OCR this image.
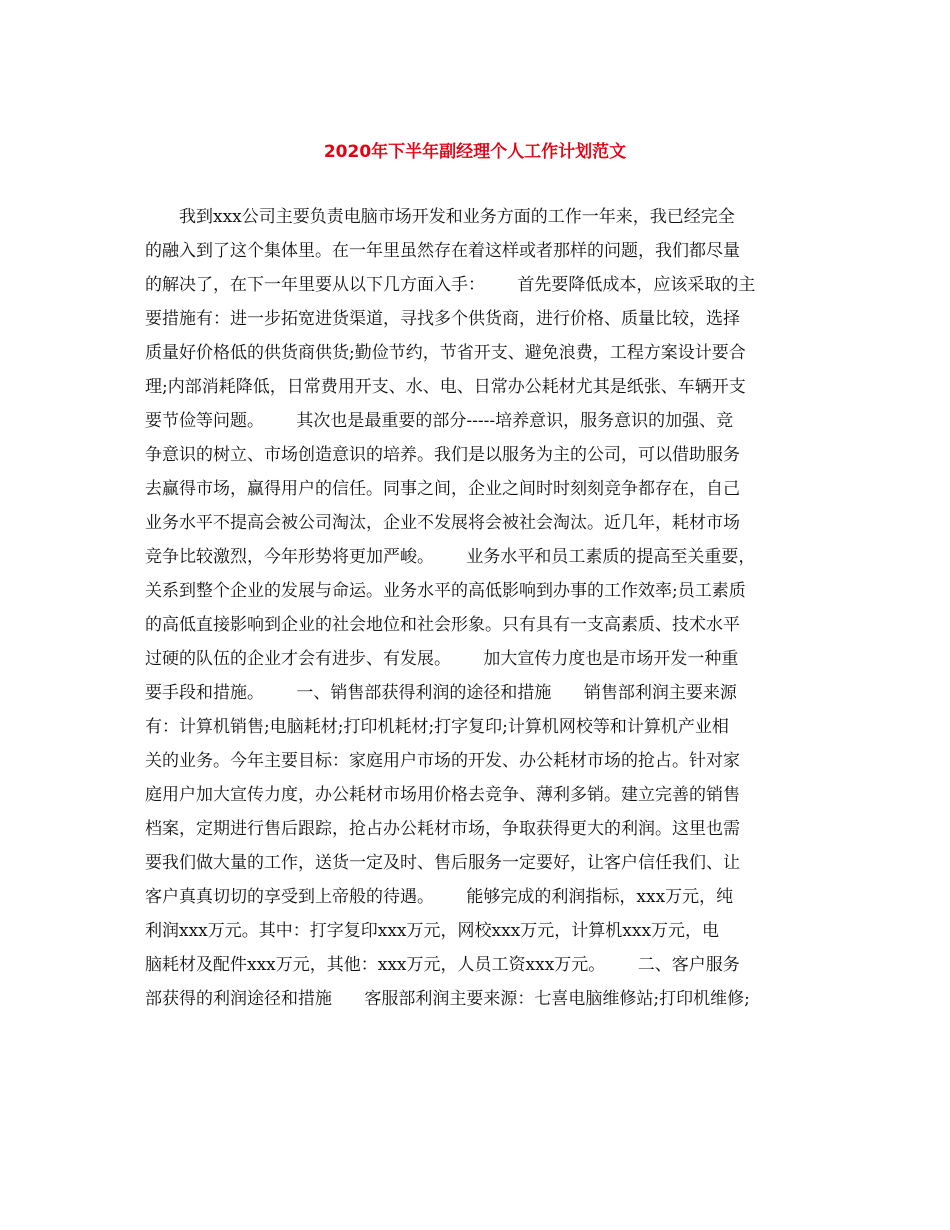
2020年下半年副经理个人工作计划范文
我到xxx公司主要负责电脑市场开发和业务方面的工作一年来，我已经完全
的融入到了这个集体里。在一年里虽然存在着这样或者那样的问题，我们都尽量
的解决了，在下一年里要从以下几方面入手：      首先要降低成本，应该采取的主
要措施有：进一步拓宽进货渠道，寻找多个供货商，进行价格、质量比较，选择
质量好价格低的供货商供货;勤俭节约，节省开支、避免浪费，工程方案设计要合
理;内部消耗降低，日常费用开支、水、电、日常办公耗材尤其是纸张、车辆开支
要节俭等问题。      其次也是最重要的部分-----培养意识，服务意识的加强、竞
争意识的树立、市场创造意识的培养。我们是以服务为主的公司，可以借助服务
去赢得市场，赢得用户的信任。同事之间，企业之间时时刻刻竞争都存在，自己
业务水平不提高会被公司淘汰，企业不发展将会被社会淘汰。近几年，耗材市场
竞争比较激烈，今年形势将更加严峻。      业务水平和员工素质的提高至关重要，
关系到整个企业的发展与命运。业务水平的高低影响到办事的工作效率;员工素质
的高低直接影响到企业的社会地位和社会形象。只有具有一支高素质、技术水平
过硬的队伍的企业才会有进步、有发展。      加大宣传力度也是市场开发一种重
要手段和措施。      一、销售部获得利润的途径和措施      销售部利润主要来源
有：计算机销售;电脑耗材;打印机耗材;打字复印;计算机网校等和计算机产业相
关的业务。今年主要目标：家庭用户市场的开发、办公耗材市场的抢占。针对家
庭用户加大宣传力度，办公耗材市场用价格去竞争、薄利多销。建立完善的销售
档案，定期进行售后跟踪，抢占办公耗材市场，争取获得更大的利润。这里也需
要我们做大量的工作，送货一定及时、售后服务一定要好，让客户信任我们、让
客户真真切切的享受到上帝般的待遇。      能够完成的利润指标，xxx万元，纯
利润xxx万元。其中：打字复印xxx万元，网校xxx万元，计算机xxx万元，电
脑耗材及配件xxx万元，其他：xxx万元，人员工资xxx万元。      二、客户服务
部获得的利润途径和措施      客服部利润主要来源：七喜电脑维修站;打印机维修;
